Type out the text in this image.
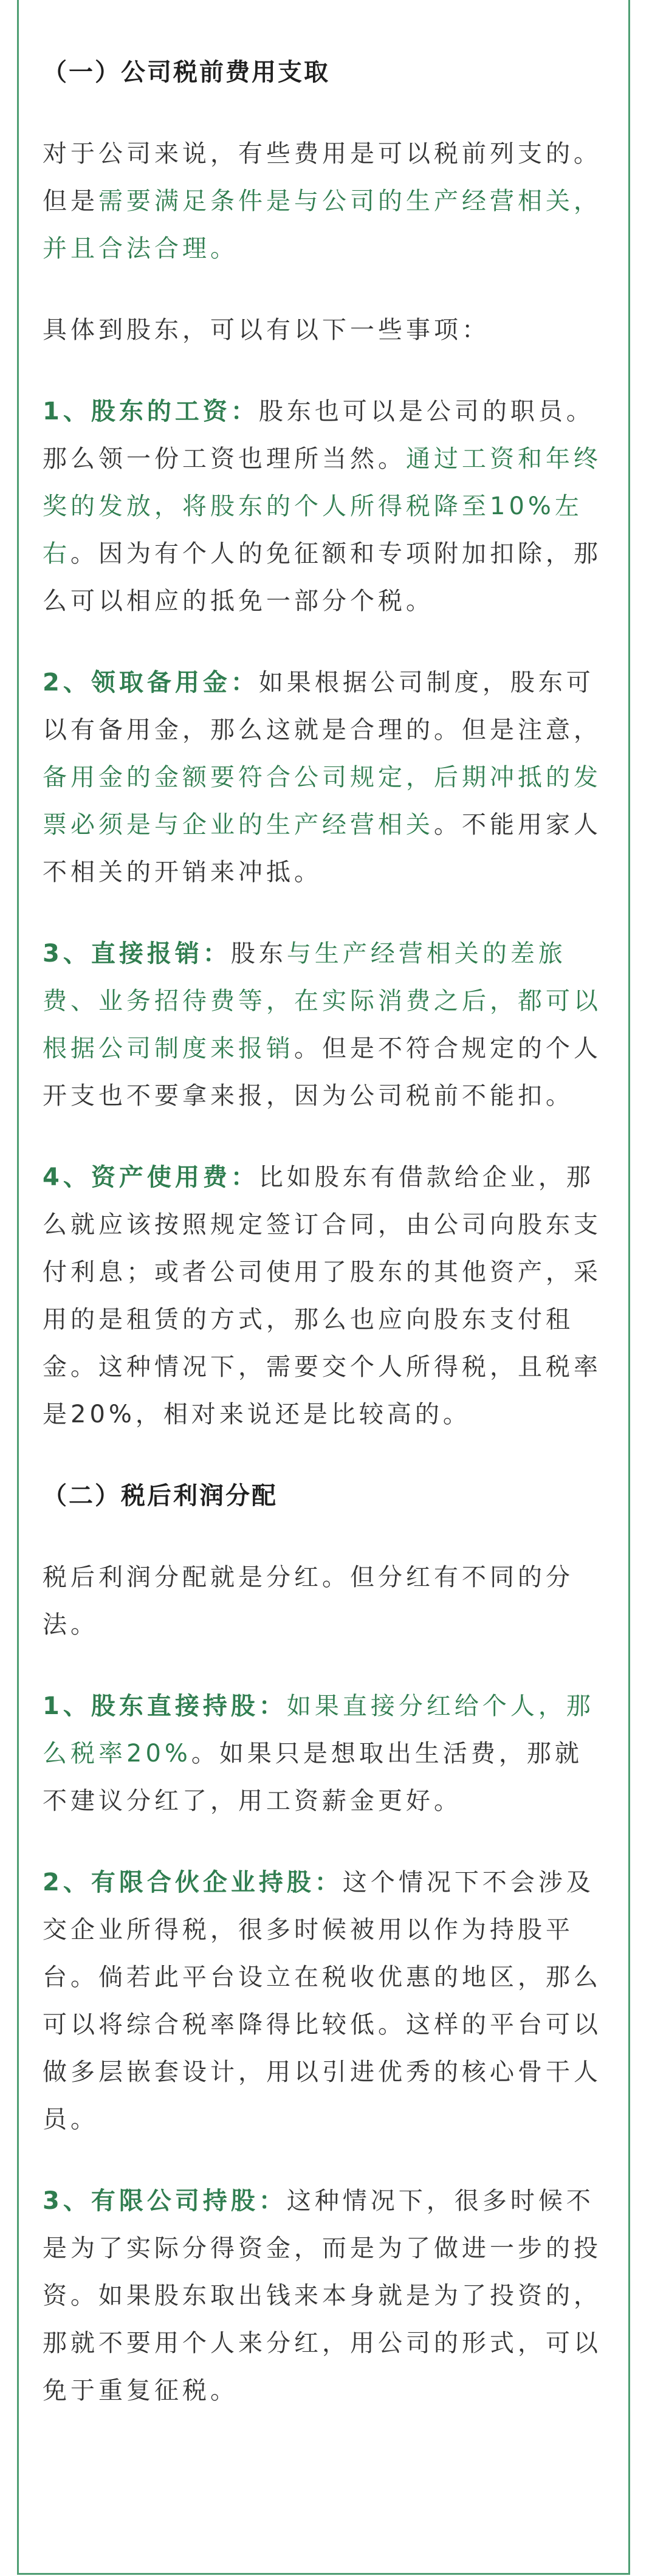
（一）公司税前费用支取

对于公司来说，有些费用是可以税前列支的。但是需要满足条件是与公司的生产经营相关，并且合法合理。

具体到股东，可以有以下一些事项：

1、股东的工资：股东也可以是公司的职员。那么领一份工资也理所当然。通过工资和年终奖的发放，将股东的个人所得税降至10%左右。因为有个人的免征额和专项附加扣除，那么可以相应的抵免一部分个税。

2、领取备用金：如果根据公司制度，股东可以有备用金，那么这就是合理的。但是注意，备用金的金额要符合公司规定，后期冲抵的发票必须是与企业的生产经营相关。不能用家人不相关的开销来冲抵。

3、直接报销：股东与生产经营相关的差旅费、业务招待费等，在实际消费之后，都可以根据公司制度来报销。但是不符合规定的个人开支也不要拿来报，因为公司税前不能扣。

4、资产使用费：比如股东有借款给企业，那么就应该按照规定签订合同，由公司向股东支付利息；或者公司使用了股东的其他资产，采用的是租赁的方式，那么也应向股东支付租金。这种情况下，需要交个人所得税，且税率是20%，相对来说还是比较高的。

（二）税后利润分配

税后利润分配就是分红。但分红有不同的分法。

1、股东直接持股：如果直接分红给个人，那么税率20%。如果只是想取出生活费，那就不建议分红了，用工资薪金更好。

2、有限合伙企业持股：这个情况下不会涉及交企业所得税，很多时候被用以作为持股平台。倘若此平台设立在税收优惠的地区，那么可以将综合税率降得比较低。这样的平台可以做多层嵌套设计，用以引进优秀的核心骨干人员。

3、有限公司持股：这种情况下，很多时候不是为了实际分得资金，而是为了做进一步的投资。如果股东取出钱来本身就是为了投资的，那就不要用个人来分红，用公司的形式，可以免于重复征税。
